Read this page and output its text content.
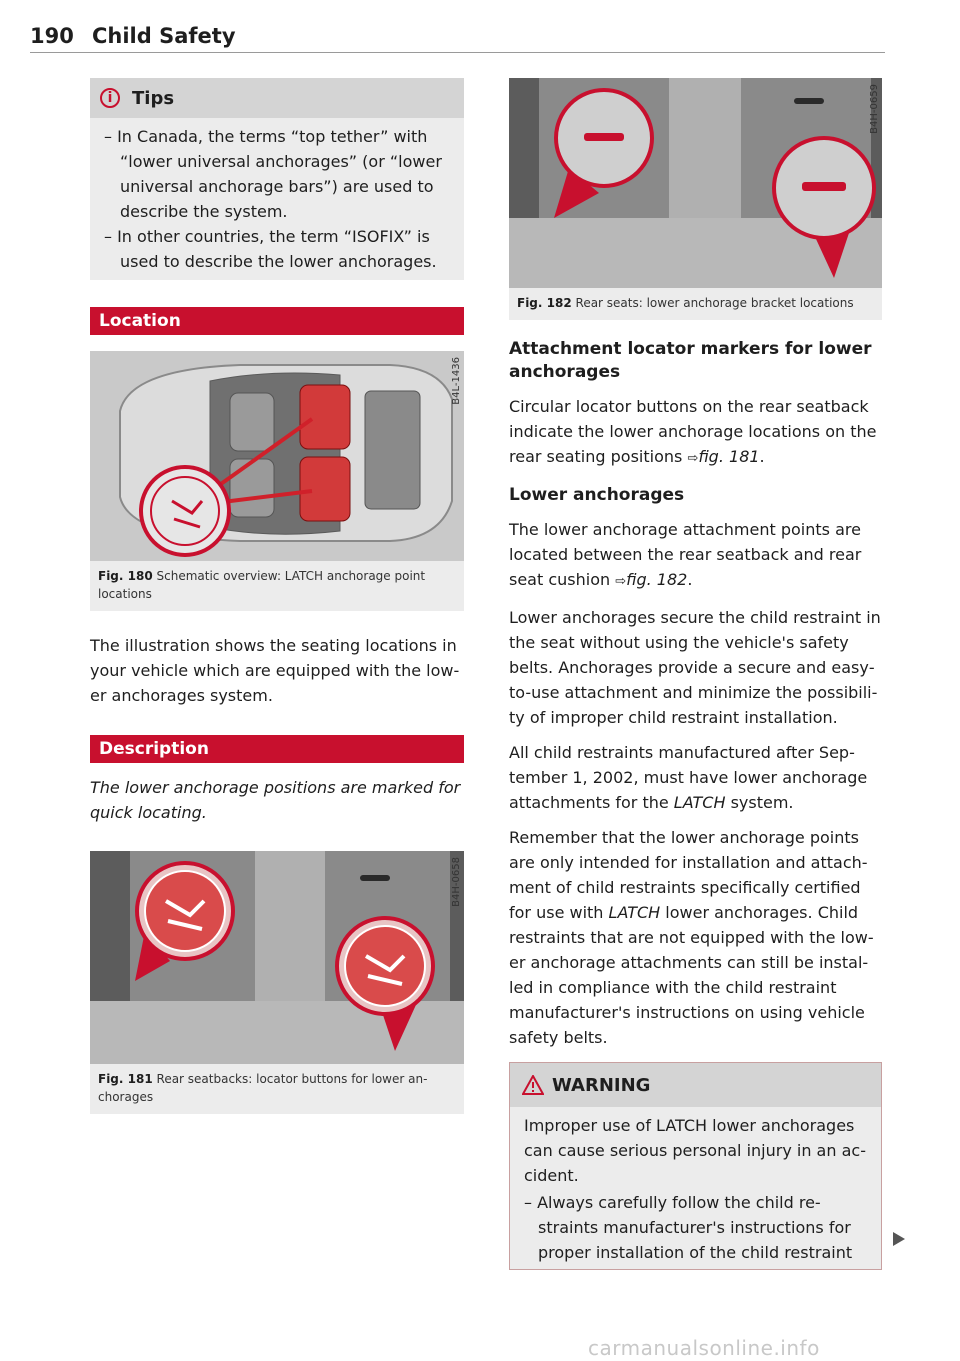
190 Child Safety
i	Tips
– In Canada, the terms “top tether” with “lower universal anchorages” (or “lower universal anchorage bars”) are used to describe the system.
– In other countries, the term “ISOFIX” is used to describe the lower anchorages.
Location
B4L-1436
Fig. 180 Schematic overview: LATCH anchorage point locations
The illustration shows the seating locations in your vehicle which are equipped with the lower anchorages system.
Description
The lower anchorage positions are marked for quick locating.
B4H-0658
Fig. 181 Rear seatbacks: locator buttons for lower anchorages
B4H-0659
Fig. 182 Rear seats: lower anchorage bracket locations
Attachment locator markers for lower anchorages
Circular locator buttons on the rear seatback indicate the lower anchorage locations on the rear seating positions ⇨fig. 181.
Lower anchorages
The lower anchorage attachment points are located between the rear seatback and rear seat cushion ⇨fig. 182.
Lower anchorages secure the child restraint in the seat without using the vehicle's safety belts. Anchorages provide a secure and easyto-use attachment and minimize the possibility of improper child restraint installation.
All child restraints manufactured after September 1, 2002, must have lower anchorage attachments for the LATCH system.
Remember that the lower anchorage points are only intended for installation and attachment of child restraints specifically certified for use with LATCH lower anchorages. Child restraints that are not equipped with the lower anchorage attachments can still be installed in compliance with the child restraint manufacturer's instructions on using vehicle safety belts.
WARNING
Improper use of LATCH lower anchorages can cause serious personal injury in an accident.
– Always carefully follow the child restraints manufacturer's instructions for proper installation of the child restraint
carmanualsonline.info
